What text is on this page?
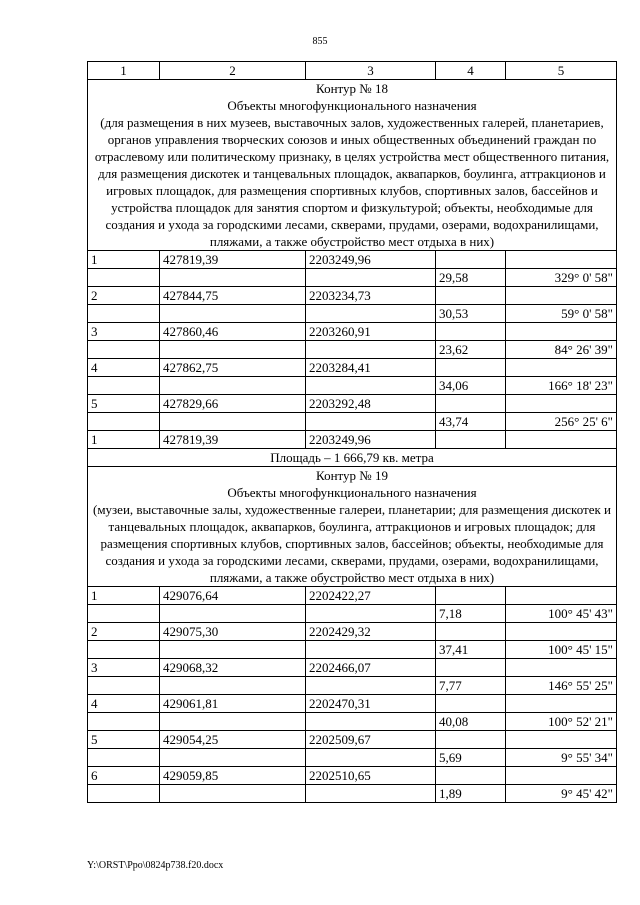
855
1	2	3	4	5

Контур № 18
Объекты многофункционального назначения
(для размещения в них музеев, выставочных залов, художественных галерей, планетариев, органов управления творческих союзов и иных общественных объединений граждан по отраслевому или политическому признаку, в целях устройства мест общественного питания, для размещения дискотек и танцевальных площадок, аквапарков, боулинга, аттракционов и игровых площадок, для размещения спортивных клубов, спортивных залов, бассейнов и устройства площадок для занятия спортом и физкультурой; объекты, необходимые для создания и ухода за городскими лесами, скверами, прудами, озерами, водохранилищами, пляжами, а также обустройство мест отдыха в них)				

1	427819,39	2203249,96		
			29,58	329° 0' 58"
2	427844,75	2203234,73		
			30,53	59° 0' 58"
3	427860,46	2203260,91		
			23,62	84° 26' 39"
4	427862,75	2203284,41		
			34,06	166° 18' 23"
5	427829,66	2203292,48		
			43,74	256° 25' 6"
1	427819,39	2203249,96		
Площадь – 1 666,79 кв. метра				

Контур № 19
Объекты многофункционального назначения
(музеи, выставочные залы, художественные галереи, планетарии; для размещения дискотек и танцевальных площадок, аквапарков, боулинга, аттракционов и игровых площадок; для размещения спортивных клубов, спортивных залов, бассейнов; объекты, необходимые для создания и ухода за городскими лесами, скверами, прудами, озерами, водохранилищами, пляжами, а также обустройство мест отдыха в них)				

1	429076,64	2202422,27		
			7,18	100° 45' 43"
2	429075,30	2202429,32		
			37,41	100° 45' 15"
3	429068,32	2202466,07		
			7,77	146° 55' 25"
4	429061,81	2202470,31		
			40,08	100° 52' 21"
5	429054,25	2202509,67		
			5,69	9° 55' 34"
6	429059,85	2202510,65		
			1,89	9° 45' 42"
Y:\ORST\Ppo\0824p738.f20.docx
